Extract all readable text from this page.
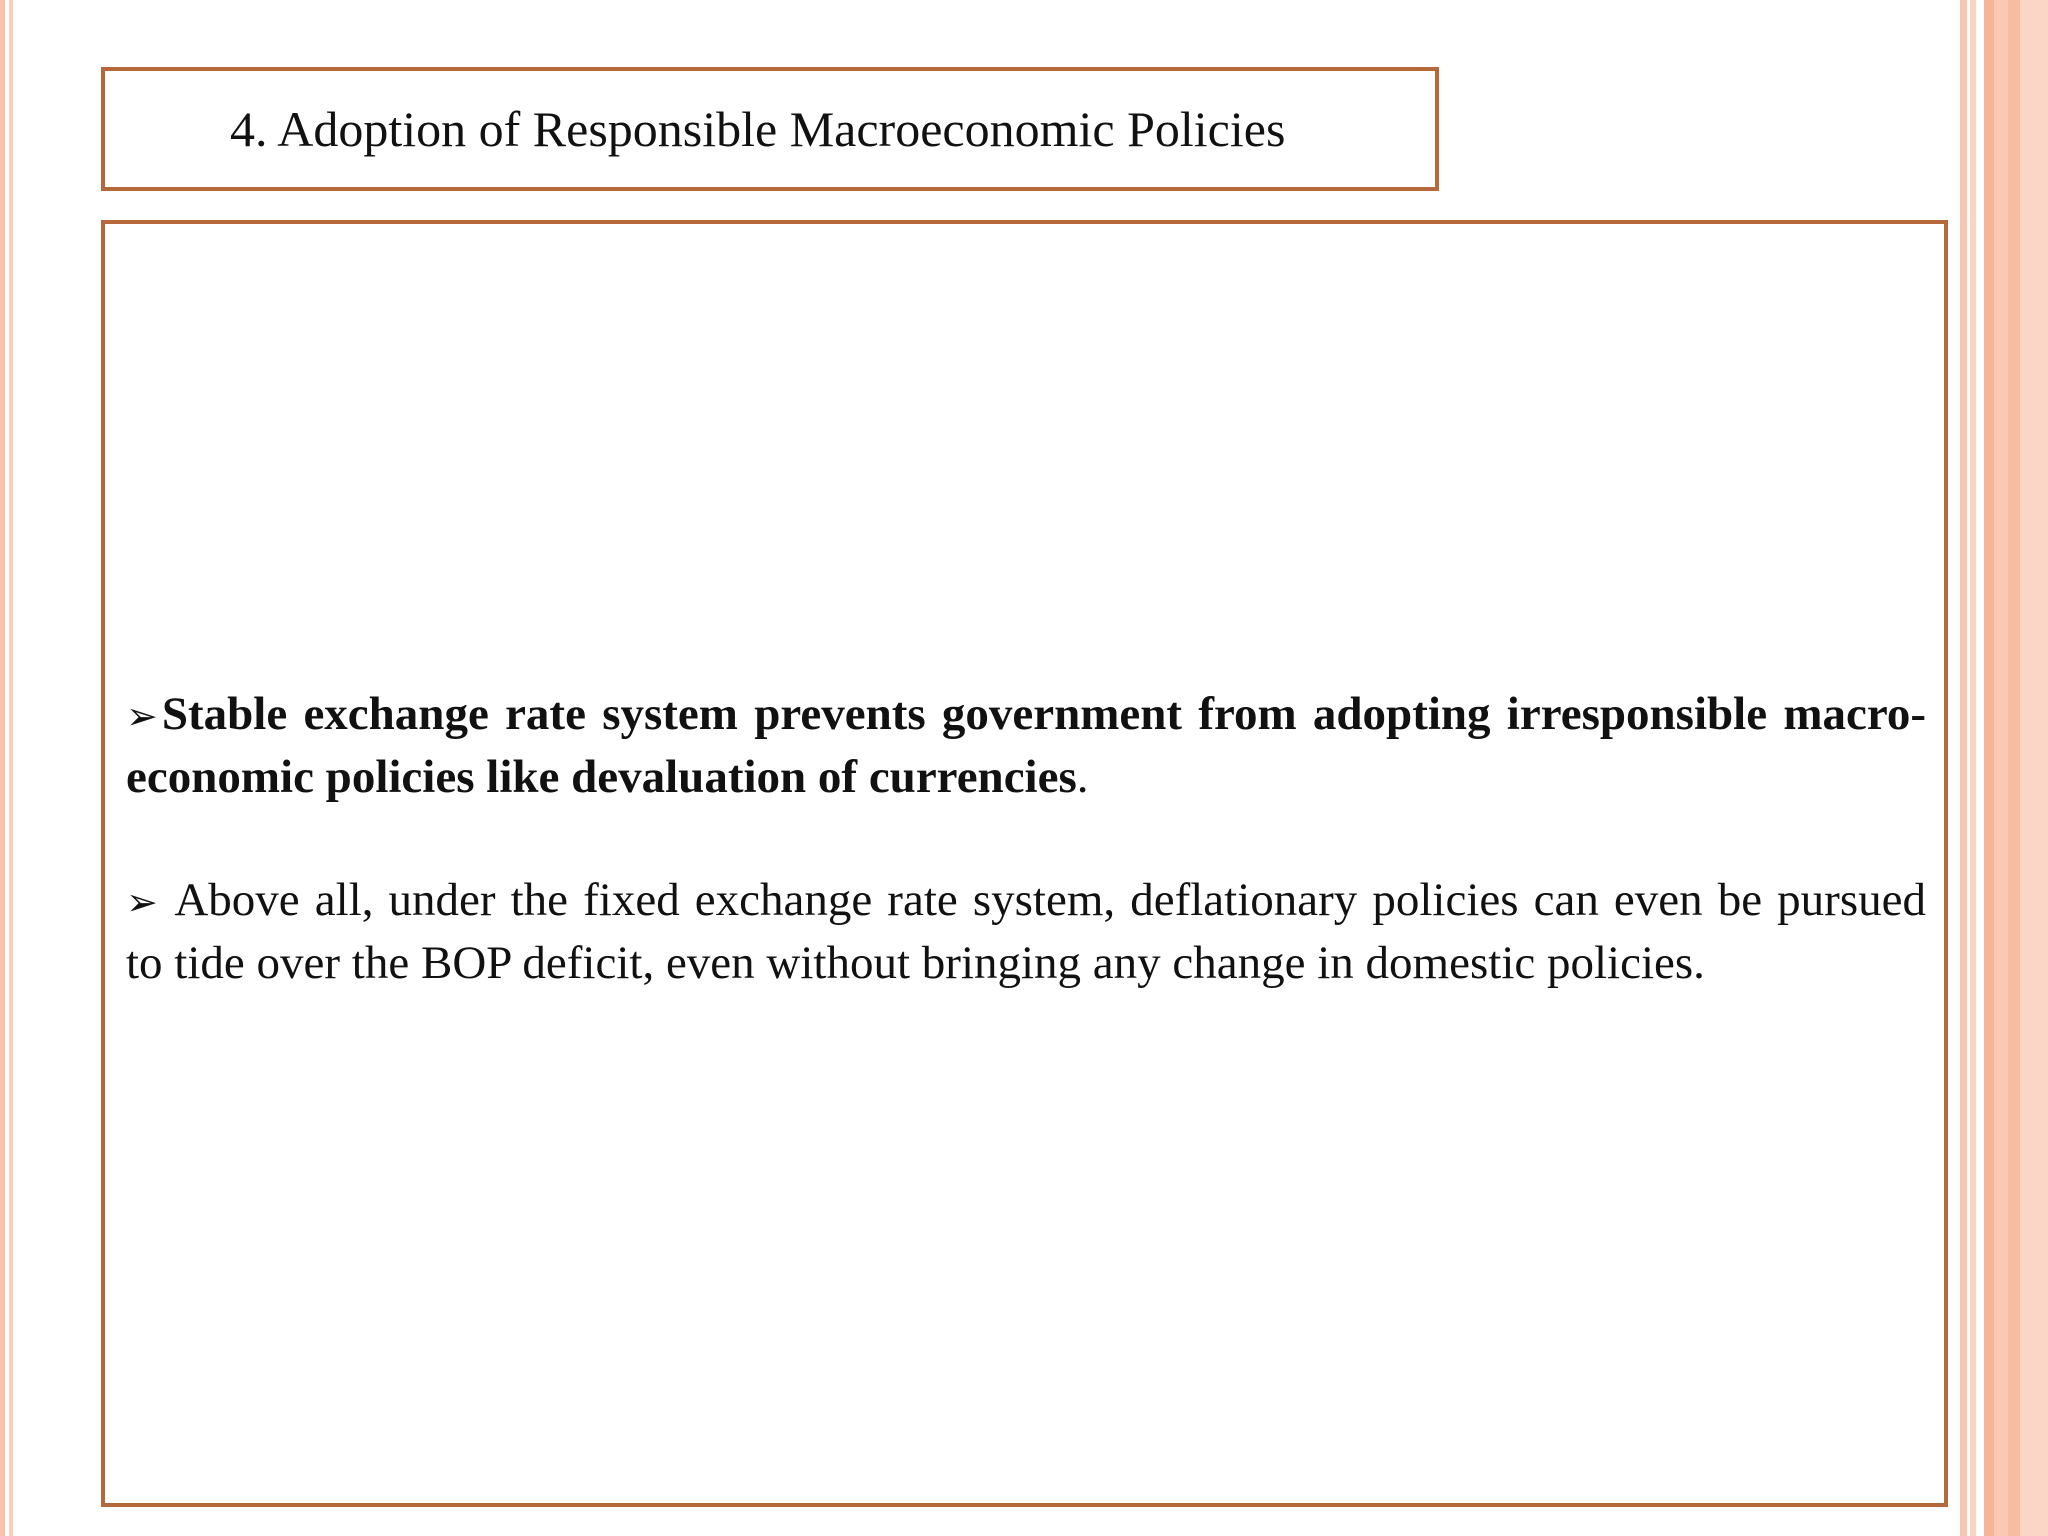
4. Adoption of Responsible Macroeconomic Policies

➢Stable exchange rate system prevents government from adopting irresponsible macro- economic policies like devaluation of currencies.

➢ Above all, under the fixed exchange rate system, deflationary policies can even be pursued to tide over the BOP deficit, even without bringing any change in domestic policies.
